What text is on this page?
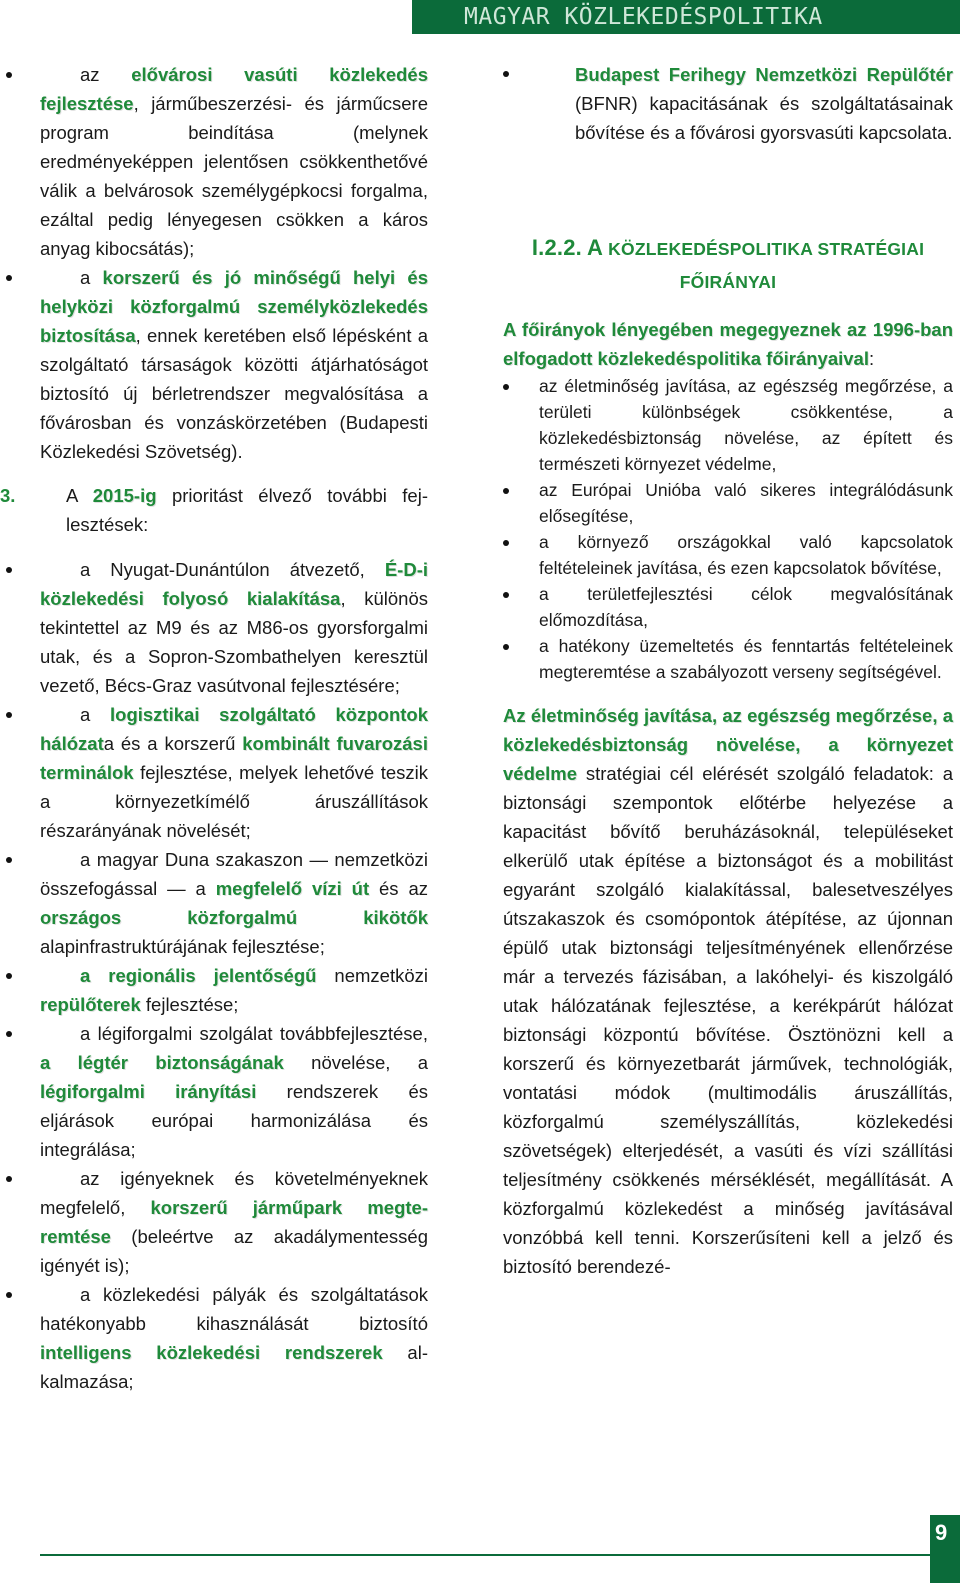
MAGYAR KÖZLEKEDÉSPOLITIKA
az elővárosi vasúti közlekedés fejlesztése, járműbeszerzési- és járműcsere program beindítása (melynek eredményeképpen jelentősen csökkenthetővé válik a belvárosok személygépkocsi forgalma, ezáltal pedig lényegesen csökken a káros anyag kibocsátás);
a korszerű és jó minőségű helyi és helyközi közforgalmú személyközlekedés biztosítása, ennek keretében első lépésként a szolgáltató társaságok közötti átjárhatóságot biztosító új bérletrendszer megvalósítása a fővárosban és vonzáskörzetében (Budapesti Közlekedési Szövetség).
3.	A 2015-ig prioritást élvező további fejlesztések:
a Nyugat-Dunántúlon átvezető, É-D-i közlekedési folyosó kialakítása, különös tekintettel az M9 és az M86-os gyorsforgalmi utak, és a Sopron-Szombathelyen keresztül vezető, Bécs-Graz vasútvonal fejlesztésére;
a logisztikai szolgáltató központok hálózata és a korszerű kombinált fuvarozási terminálok fejlesztése, melyek lehetővé teszik a környezetkímélő áruszállítások részarányának növelését;
a magyar Duna szakaszon — nemzetközi összefogással — a megfelelő vízi út és az országos közforgalmú kikötők alapinfrastruktúrájának fejlesztése;
a regionális jelentőségű nemzetközi repülőterek fejlesztése;
a légiforgalmi szolgálat továbbfejlesztése, a légtér biztonságának növelése, a légiforgalmi irányítási rendszerek és eljárások európai harmonizálása és integrálása;
az igényeknek és követelményeknek megfelelő, korszerű járműpark megteremtése (beleértve az akadálymentesség igényét is);
a közlekedési pályák és szolgáltatások hatékonyabb kihasználását biztosító intelligens közlekedési rendszerek alkalmazása;
Budapest Ferihegy Nemzetközi Repülőtér (BFNR) kapacitásának és szolgáltatásainak bővítése és a fővárosi gyorsvasúti kapcsolata.
I.2.2. A KÖZLEKEDÉSPOLITIKA STRATÉGIAI
FŐIRÁNYAI
A főirányok lényegében megegyeznek az 1996-ban elfogadott közlekedéspolitika főirányaival:
az életminőség javítása, az egészség megőrzése, a területi különbségek csökkentése, a közlekedésbiztonság növelése, az épített és természeti környezet védelme,
az Európai Unióba való sikeres integrálódásunk elősegítése,
a környező országokkal való kapcsolatok feltételeinek javítása, és ezen kapcsolatok bővítése,
a területfejlesztési célok megvalósítának előmozdítása,
a hatékony üzemeltetés és fenntartás feltételeinek megteremtése a szabályozott verseny segítségével.
Az életminőség javítása, az egészség megőrzése, a közlekedésbiztonság növelése, a környezet védelme stratégiai cél elérését szolgáló feladatok: a biztonsági szempontok előtérbe helyezése a kapacitást bővítő beruházásoknál, településeket elkerülő utak építése a biztonságot és a mobilitást egyaránt szolgáló kialakítással, balesetveszélyes útszakaszok és csomópontok átépítése, az újonnan épülő utak biztonsági teljesítményének ellenőrzése már a tervezés fázisában, a lakóhelyi- és kiszolgáló utak hálózatának fejlesztése, a kerékpárút hálózat biztonsági központú bővítése. Ösztönözni kell a korszerű és környezetbarát járművek, technológiák, vontatási módok (multimodális áruszállítás, közforgalmú személyszállítás, közlekedési szövetségek) elterjedését, a vasúti és vízi szállítási teljesítmény csökkenés mérséklését, megállítását. A közforgalmú közlekedést a minőség javításával vonzóbbá kell tenni. Korszerűsíteni kell a jelző és biztosító berendezé-
9
